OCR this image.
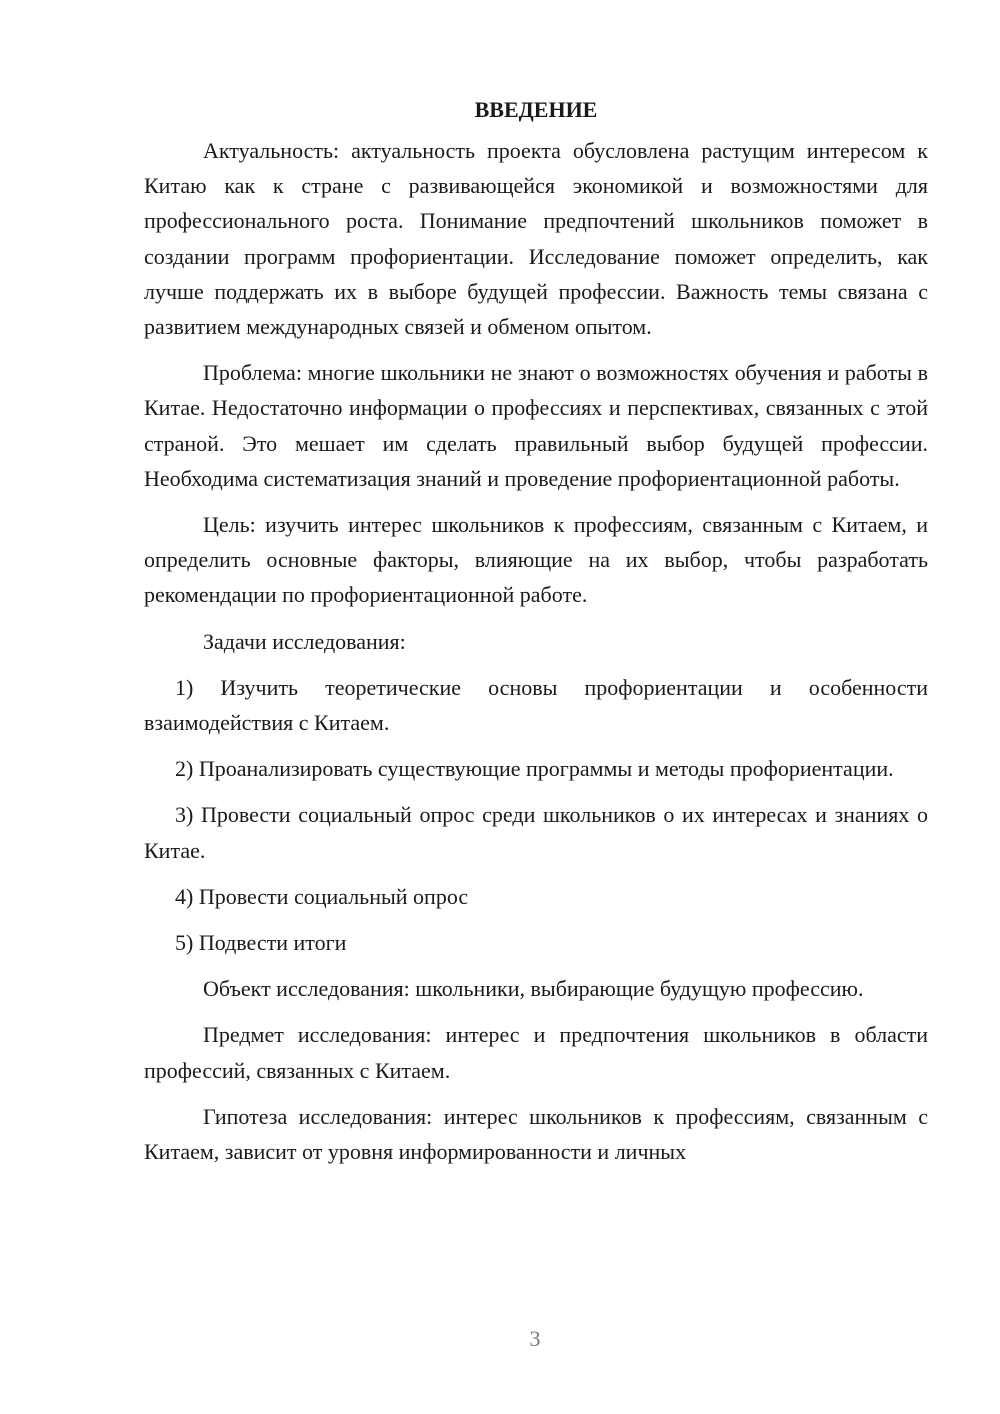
ВВЕДЕНИЕ

Актуальность: актуальность проекта обусловлена растущим интересом к Китаю как к стране с развивающейся экономикой и возможностями для профессионального роста. Понимание предпочтений школьников поможет в создании программ профориентации. Исследование поможет определить, как лучше поддержать их в выборе будущей профессии. Важность темы связана с развитием международных связей и обменом опытом.

Проблема: многие школьники не знают о возможностях обучения и работы в Китае. Недостаточно информации о профессиях и перспективах, связанных с этой страной. Это мешает им сделать правильный выбор будущей профессии. Необходима систематизация знаний и проведение профориентационной работы.

Цель: изучить интерес школьников к профессиям, связанным с Китаем, и определить основные факторы, влияющие на их выбор, чтобы разработать рекомендации по профориентационной работе.

Задачи исследования:

1) Изучить теоретические основы профориентации и особенности взаимодействия с Китаем.

2) Проанализировать существующие программы и методы профориентации.

3) Провести социальный опрос среди школьников о их интересах и знаниях о Китае.

4) Провести социальный опрос

5) Подвести итоги

Объект исследования: школьники, выбирающие будущую профессию.

Предмет исследования: интерес и предпочтения школьников в области профессий, связанных с Китаем.

Гипотеза исследования: интерес школьников к профессиям, связанным с Китаем, зависит от уровня информированности и личных

3
